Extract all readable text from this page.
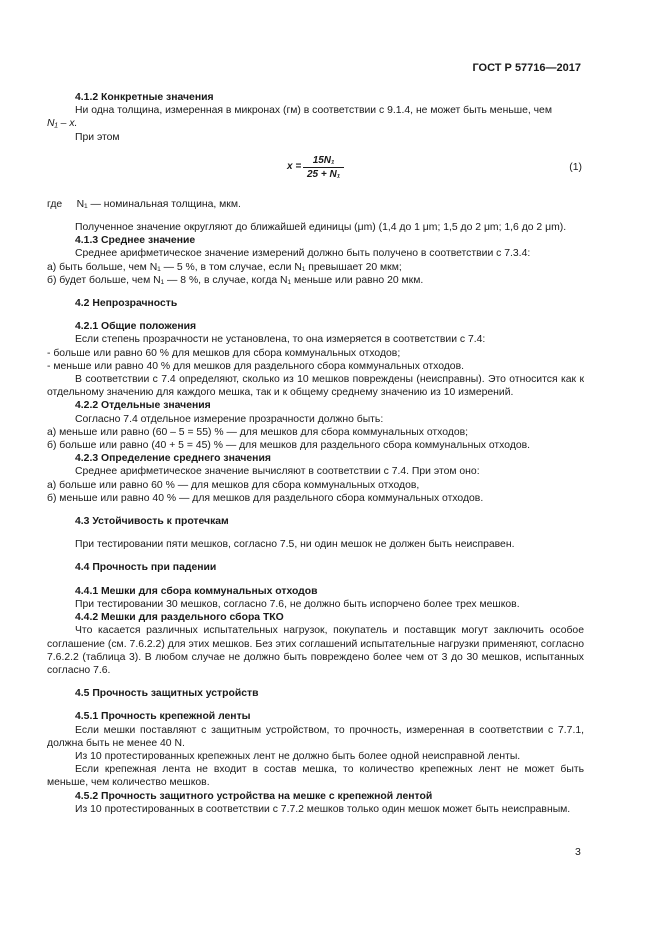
ГОСТ Р 57716—2017

4.1.2 Конкретные значения

Ни одна толщина, измеренная в микронах (гм) в соответствии с 9.1.4, не может быть меньше, чем

N₁ – x.

При этом

$x = \frac{\text{15N₁}}{\text{25 + N₁}}$	(1)

где     N₁ — номинальная толщина, мкм.

Полученное значение округляют до ближайшей единицы (μm) (1,4 до 1 μm; 1,5 до 2 μm; 1,6 до 2 μm).

4.1.3 Среднее значение

Среднее арифметическое значение измерений должно быть получено в соответствии с 7.3.4:

а) быть больше, чем N₁ — 5 %, в том случае, если N₁ превышает 20 мкм;

б) будет больше, чем N₁ — 8 %, в случае, когда N₁ меньше или равно 20 мкм.

4.2 Непрозрачность

4.2.1 Общие положения

Если степень прозрачности не установлена, то она измеряется в соответствии с 7.4:

- больше или равно 60 % для мешков для сбора коммунальных отходов;

- меньше или равно 40 % для мешков для раздельного сбора коммунальных отходов.

В соответствии с 7.4 определяют, сколько из 10 мешков повреждены (неисправны). Это относится как к отдельному значению для каждого мешка, так и к общему среднему значению из 10 измерений.

4.2.2 Отдельные значения

Согласно 7.4 отдельное измерение прозрачности должно быть:

а) меньше или равно (60 – 5 = 55) % — для мешков для сбора коммунальных отходов;

б) больше или равно (40 + 5 = 45) % — для мешков для раздельного сбора коммунальных отходов.

4.2.3 Определение среднего значения

Среднее арифметическое значение вычисляют в соответствии с 7.4. При этом оно:

а) больше или равно 60 % — для мешков для сбора коммунальных отходов,

б) меньше или равно 40 % — для мешков для раздельного сбора коммунальных отходов.

4.3 Устойчивость к протечкам

При тестировании пяти мешков, согласно 7.5, ни один мешок не должен быть неисправен.

4.4 Прочность при падении

4.4.1 Мешки для сбора коммунальных отходов

При тестировании 30 мешков, согласно 7.6, не должно быть испорчено более трех мешков.

4.4.2 Мешки для раздельного сбора ТКО

Что касается различных испытательных нагрузок, покупатель и поставщик могут заключить особое соглашение (см. 7.6.2.2) для этих мешков. Без этих соглашений испытательные нагрузки применяют, согласно 7.6.2.2 (таблица 3). В любом случае не должно быть повреждено более чем от 3 до 30 мешков, испытанных согласно 7.6.

4.5 Прочность защитных устройств

4.5.1 Прочность крепежной ленты

Если мешки поставляют с защитным устройством, то прочность, измеренная в соответствии с 7.7.1, должна быть не менее 40 N.

Из 10 протестированных крепежных лент не должно быть более одной неисправной ленты.

Если крепежная лента не входит в состав мешка, то количество крепежных лент не может быть меньше, чем количество мешков.

4.5.2 Прочность защитного устройства на мешке с крепежной лентой

Из 10 протестированных в соответствии с 7.7.2 мешков только один мешок может быть неисправным.

3
